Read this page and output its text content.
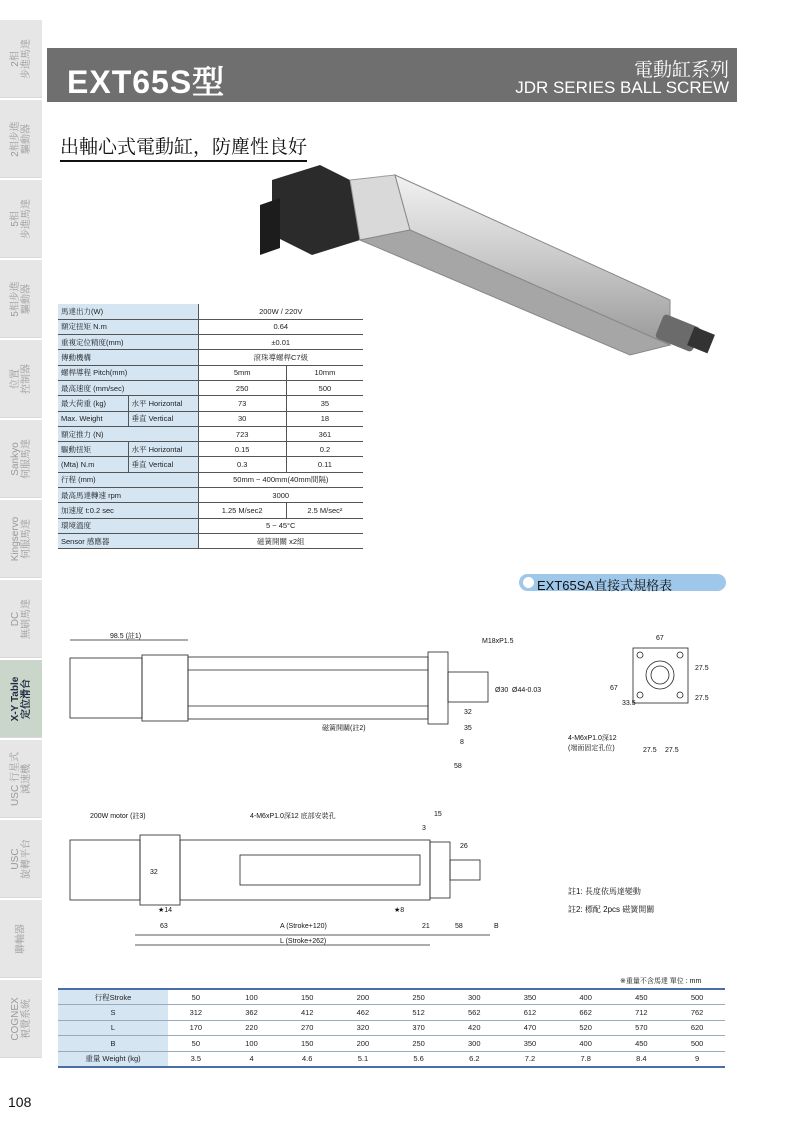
2相
步進馬達
2相步進
驅動器
5相
步進馬達
5相步進
驅動器
位置
控制器
Sankyo
伺服馬達
Kingservo
伺服馬達
DC
無刷馬達
X-Y Table
定位滑台
USC 行星式
減速機
USC
旋轉平台
聯軸器
COGNEX
視覺系統
108
EXT65S型	電動缸系列
JDR SERIES BALL SCREW
出軸心式電動缸，防塵性良好
馬達出力(W)		200W / 220V	
額定扭矩 N.m		0.64	
重複定位精度(mm)		±0.01	
傳動機構		滾珠導螺桿C7級	
螺桿導程 Pitch(mm)		5mm	10mm
最高速度 (mm/sec)		250	500
最大荷重 (kg)	水平 Horizontal	73	35
Max. Weight	垂直 Vertical	30	18
額定推力 (N)		723	361
驅動扭矩	水平 Horizontal	0.15	0.2
(Mta) N.m	垂直 Vertical	0.3	0.11
行程 (mm)		50mm ~ 400mm(40mm間隔)	
最高馬達轉速 rpm		3000	
加速度 t:0.2 sec		1.25 M/sec2	2.5 M/sec²
環境溫度		5 ~ 45°C	
Sensor 感應器		磁簧開關 x2組	
EXT65SA直接式規格表
98.5 (註1)
M18xP1.5
Ø30 Ø44-0.03
32
35
8
58
磁簧開關(註2)
67
67
33.5
27.5
27.5
27.5 27.5
4-M6xP1.0深12
(端面固定孔位)
200W motor (註3)	4-M6xP1.0深12 底部安裝孔	15
3
26
32
★14	★8
63	A (Stroke+120)	21	58	B
L (Stroke+262)
註1: 長度依馬達變動
註2: 標配 2pcs 磁簧開關
※重量不含馬達 單位 : mm
行程Stroke	50	100	150	200	250	300	350	400	450	500
S	312	362	412	462	512	562	612	662	712	762
L	170	220	270	320	370	420	470	520	570	620
B	50	100	150	200	250	300	350	400	450	500
重量 Weight (kg)	3.5	4	4.6	5.1	5.6	6.2	7.2	7.8	8.4	9
